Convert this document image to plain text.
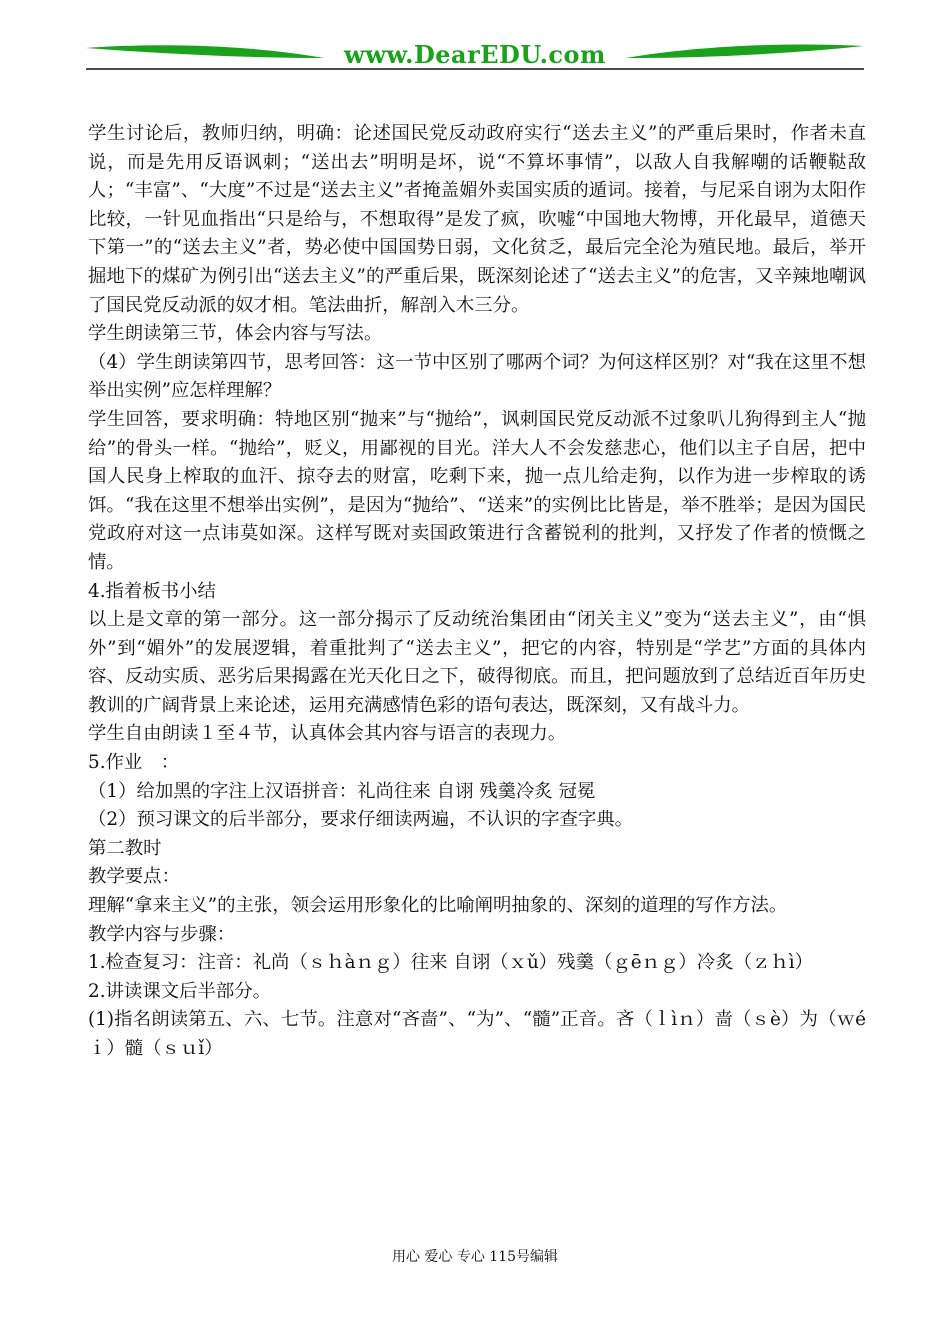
www.DearEDU.com

学生讨论后，教师归纳，明确：论述国民党反动政府实行“送去主义”的严重后果时，作者未直说，而是先用反语讽刺；“送出去”明明是坏，说“不算坏事情”，以敌人自我解嘲的话鞭鞑敌人；“丰富”、“大度”不过是“送去主义”者掩盖媚外卖国实质的遁词。接着，与尼采自诩为太阳作比较，一针见血指出“只是给与，不想取得”是发了疯，吹嘘“中国地大物博，开化最早，道德天下第一”的“送去主义”者，势必使中国国势日弱，文化贫乏，最后完全沦为殖民地。最后，举开掘地下的煤矿为例引出“送去主义”的严重后果，既深刻论述了“送去主义”的危害，又辛辣地嘲讽了国民党反动派的奴才相。笔法曲折，解剖入木三分。

学生朗读第三节，体会内容与写法。

（4）学生朗读第四节，思考回答：这一节中区别了哪两个词？为何这样区别？对“我在这里不想举出实例”应怎样理解？

学生回答，要求明确：特地区别“抛来”与“抛给”，讽刺国民党反动派不过象叭儿狗得到主人“抛给”的骨头一样。“抛给”，贬义，用鄙视的目光。洋大人不会发慈悲心，他们以主子自居，把中国人民身上榨取的血汗、掠夺去的财富，吃剩下来，抛一点儿给走狗，以作为进一步榨取的诱饵。“我在这里不想举出实例”，是因为“抛给”、“送来”的实例比比皆是，举不胜举；是因为国民党政府对这一点讳莫如深。这样写既对卖国政策进行含蓄锐利的批判，又抒发了作者的愤慨之情。

4.指着板书小结

以上是文章的第一部分。这一部分揭示了反动统治集团由“闭关主义”变为“送去主义”，由“惧外”到“媚外”的发展逻辑，着重批判了“送去主义”，把它的内容，特别是“学艺”方面的具体内容、反动实质、恶劣后果揭露在光天化日之下，破得彻底。而且，把问题放到了总结近百年历史教训的广阔背景上来论述，运用充满感情色彩的语句表达，既深刻，又有战斗力。

学生自由朗读１至４节，认真体会其内容与语言的表现力。

5.作业　：

（1）给加黑的字注上汉语拼音：礼尚往来 自诩 残羹冷炙 冠冕

（2）预习课文的后半部分，要求仔细读两遍，不认识的字查字典。

第二教时

教学要点：

理解“拿来主义”的主张，领会运用形象化的比喻阐明抽象的、深刻的道理的写作方法。

教学内容与步骤：

1.检查复习：注音：礼尚（ｓｈàｎｇ）往来 自诩（ｘǔ）残羹（ｇēｎｇ）冷炙（ｚｈì）

2.讲读课文后半部分。

(1)指名朗读第五、六、七节。注意对“吝啬”、“为”、“髓”正音。吝（ｌìｎ）啬（ｓè）为（ｗéｉ）髓（ｓｕǐ）

用心 爱心 专心 115号编辑
